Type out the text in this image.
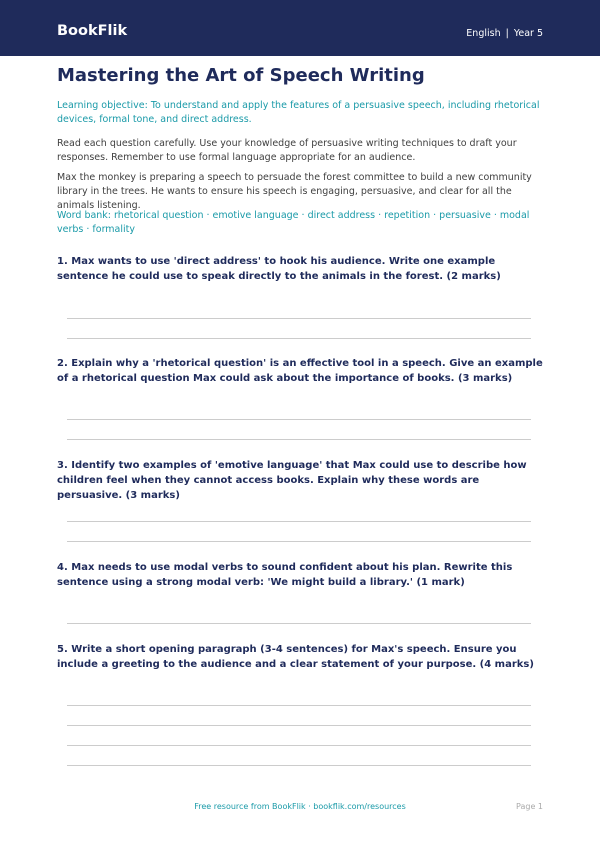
BookFlik	English | Year 5
Mastering the Art of Speech Writing

Learning objective: To understand and apply the features of a persuasive speech, including rhetorical devices, formal tone, and direct address.

Read each question carefully. Use your knowledge of persuasive writing techniques to draft your responses. Remember to use formal language appropriate for an audience.

Max the monkey is preparing a speech to persuade the forest committee to build a new community library in the trees. He wants to ensure his speech is engaging, persuasive, and clear for all the animals listening.

Word bank: rhetorical question · emotive language · direct address · repetition · persuasive · modal verbs · formality

1. Max wants to use 'direct address' to hook his audience. Write one example sentence he could use to speak directly to the animals in the forest. (2 marks)

2. Explain why a 'rhetorical question' is an effective tool in a speech. Give an example of a rhetorical question Max could ask about the importance of books. (3 marks)

3. Identify two examples of 'emotive language' that Max could use to describe how children feel when they cannot access books. Explain why these words are persuasive. (3 marks)

4. Max needs to use modal verbs to sound confident about his plan. Rewrite this sentence using a strong modal verb: 'We might build a library.' (1 mark)

5. Write a short opening paragraph (3-4 sentences) for Max's speech. Ensure you include a greeting to the audience and a clear statement of your purpose. (4 marks)

Free resource from BookFlik · bookflik.com/resources	Page 1
